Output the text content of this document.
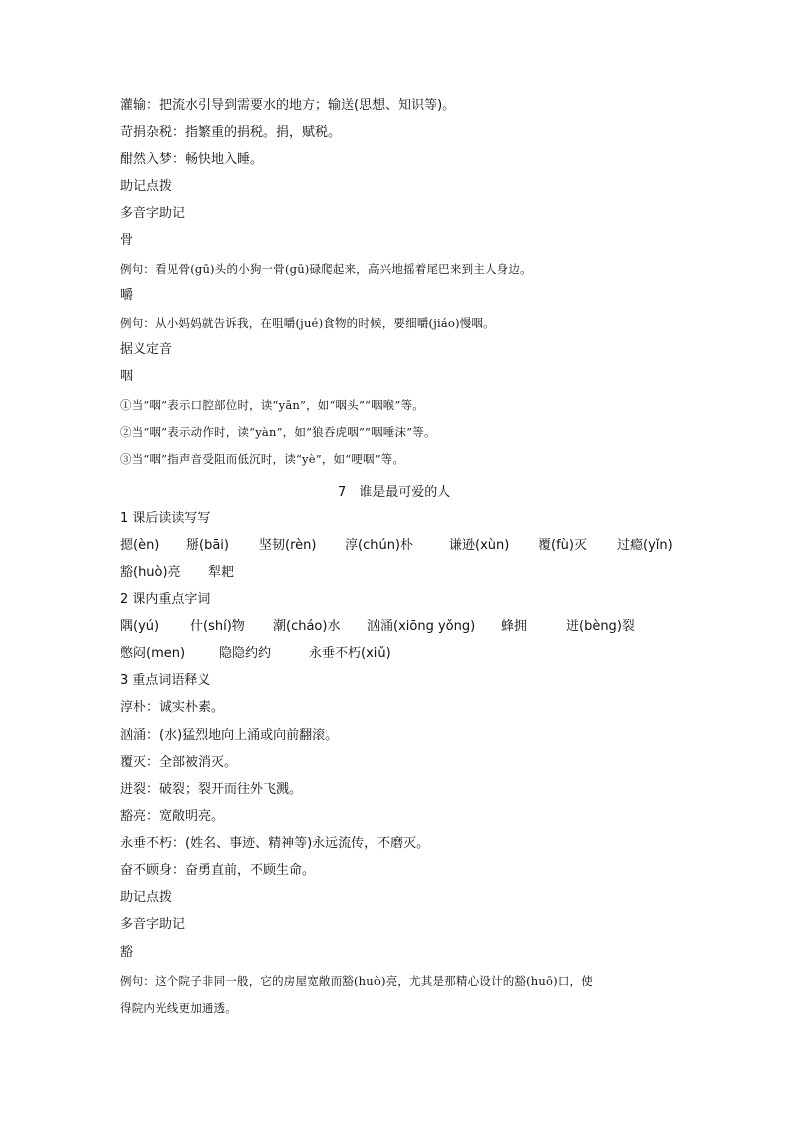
灌输：把流水引导到需要水的地方；输送(思想、知识等)。
苛捐杂税：指繁重的捐税。捐，赋税。
酣然入梦：畅快地入睡。
助记点拨
多音字助记
骨
例句：看见骨(gū)头的小狗一骨(gū)碌爬起来，高兴地摇着尾巴来到主人身边。
嚼
例句：从小妈妈就告诉我，在咀嚼(jué)食物的时候，要细嚼(jiáo)慢咽。
据义定音
咽
①当“咽”表示口腔部位时，读“yān”，如“咽头”“咽喉”等。
②当“咽”表示动作时，读“yàn”，如“狼吞虎咽”“咽唾沫”等。
③当“咽”指声音受阻而低沉时，读“yè”，如“哽咽”等。
7　谁是最可爱的人
1 课后读读写写
摁(èn) 掰(bāi) 坚韧(rèn) 淳(chún)朴	谦逊(xùn) 覆(fù)灭 过瘾(yǐn)
豁(huò)亮 犁耙
2 课内重点字词
隅(yú) 什(shí)物 潮(cháo)水 汹涌(xiōng yǒng) 蜂拥	迸(bèng)裂
憋闷(men)	隐隐约约	永垂不朽(xiǔ)
3 重点词语释义
淳朴：诚实朴素。
汹涌：(水)猛烈地向上涌或向前翻滚。
覆灭：全部被消灭。
迸裂：破裂；裂开而往外飞溅。
豁亮：宽敞明亮。
永垂不朽：(姓名、事迹、精神等)永远流传，不磨灭。
奋不顾身：奋勇直前，不顾生命。
助记点拨
多音字助记
豁
例句：这个院子非同一般，它的房屋宽敞而豁(huò)亮，尤其是那精心设计的豁(huō)口，使
得院内光线更加通透。
